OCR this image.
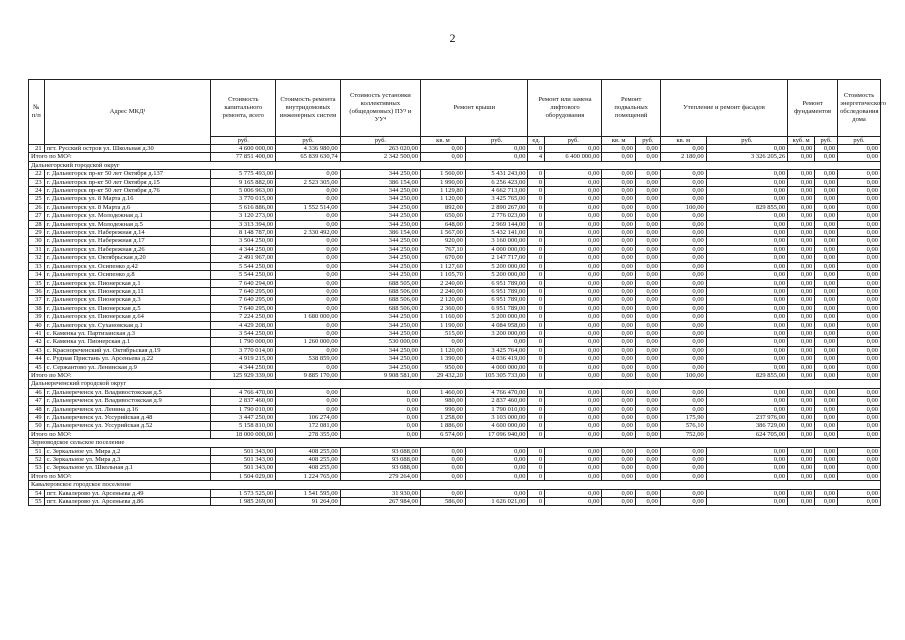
2
№ п/п	Адрес МКД¹	Стоимость капитального ремонта, всего	Стоимость ремонта внутридомовых инженерных систем	Стоимость установки коллективных (общедомовых) ПУ³ и УУ⁴	Ремонт крыши		Ремонт или замена лифтового оборудования		Ремонт подвальных помещений		Утепление и ремонт фасадов		Ремонт фундаментов		Стоимость энергетического обследования дома
		руб.	руб.	руб.	кв. м	руб.	ед.	руб.	кв. м	руб.	кв. м	руб.	куб. м	руб.	руб.
21	пгт. Русский остров ул. Школьная д.30	4 600 000,00	4 336 980,00	263 020,00	0,00	0,00	0	0,00	0,00	0,00	0,00	0,00	0,00	0,00	0,00
Итого по МО²:		77 851 400,00	65 839 630,74	2 342 500,00	0,00	0,00	4	6 400 000,00	0,00	0,00	2 180,00	3 326 205,26	0,00	0,00	0,00
Дальнегорский городской округ															
22	г. Дальнегорск пр-кт 50 лет Октября д.137	5 775 493,00	0,00	344 250,00	1 560,00	5 431 243,00	0	0,00	0,00	0,00	0,00	0,00	0,00	0,00	0,00
23	г. Дальнегорск пр-кт 50 лет Октября д.15	9 165 882,00	2 523 305,00	386 154,00	1 990,00	6 256 423,00	0	0,00	0,00	0,00	0,00	0,00	0,00	0,00	0,00
24	г. Дальнегорск пр-кт 50 лет Октября д.76	5 006 963,00	0,00	344 250,00	1 129,80	4 662 713,00	0	0,00	0,00	0,00	0,00	0,00	0,00	0,00	0,00
25	г. Дальнегорск ул. 8 Марта д.16	3 770 015,00	0,00	344 250,00	1 120,00	3 425 765,00	0	0,00	0,00	0,00	0,00	0,00	0,00	0,00	0,00
26	г. Дальнегорск ул. 8 Марта д.6	5 616 886,00	1 552 514,00	344 250,00	892,00	2 890 267,00	0	0,00	0,00	0,00	100,00	829 855,00	0,00	0,00	0,00
27	г. Дальнегорск ул. Молодежная д.1	3 120 273,00	0,00	344 250,00	650,00	2 776 023,00	0	0,00	0,00	0,00	0,00	0,00	0,00	0,00	0,00
28	г. Дальнегорск ул. Молодежная д.5	3 313 394,00	0,00	344 250,00	648,00	2 969 144,00	0	0,00	0,00	0,00	0,00	0,00	0,00	0,00	0,00
29	г. Дальнегорск ул. Набережная д.14	8 148 787,00	2 330 492,00	386 154,00	1 567,00	5 432 141,00	0	0,00	0,00	0,00	0,00	0,00	0,00	0,00	0,00
30	г. Дальнегорск ул. Набережная д.17	3 504 250,00	0,00	344 250,00	920,00	3 160 000,00	0	0,00	0,00	0,00	0,00	0,00	0,00	0,00	0,00
31	г. Дальнегорск ул. Набережная д.26	4 344 250,00	0,00	344 250,00	767,10	4 000 000,00	0	0,00	0,00	0,00	0,00	0,00	0,00	0,00	0,00
32	г. Дальнегорск ул. Октябрьская д.20	2 491 967,00	0,00	344 250,00	670,00	2 147 717,00	0	0,00	0,00	0,00	0,00	0,00	0,00	0,00	0,00
33	г. Дальнегорск ул. Осипенко д.42	5 544 250,00	0,00	344 250,00	1 127,60	5 200 000,00	0	0,00	0,00	0,00	0,00	0,00	0,00	0,00	0,00
34	г. Дальнегорск ул. Осипенко д.8	5 544 250,00	0,00	344 250,00	1 105,70	5 200 000,00	0	0,00	0,00	0,00	0,00	0,00	0,00	0,00	0,00
35	г. Дальнегорск ул. Пионерская д.1	7 640 294,00	0,00	688 505,00	2 240,00	6 951 789,00	0	0,00	0,00	0,00	0,00	0,00	0,00	0,00	0,00
36	г. Дальнегорск ул. Пионерская д.11	7 640 295,00	0,00	688 506,00	2 240,00	6 951 789,00	0	0,00	0,00	0,00	0,00	0,00	0,00	0,00	0,00
37	г. Дальнегорск ул. Пионерская д.3	7 640 295,00	0,00	688 506,00	2 120,00	6 951 789,00	0	0,00	0,00	0,00	0,00	0,00	0,00	0,00	0,00
38	г. Дальнегорск ул. Пионерская д.5	7 640 295,00	0,00	688 506,00	2 360,00	6 951 789,00	0	0,00	0,00	0,00	0,00	0,00	0,00	0,00	0,00
39	г. Дальнегорск ул. Пионерская д.64	7 224 250,00	1 680 000,00	344 250,00	1 160,00	5 200 000,00	0	0,00	0,00	0,00	0,00	0,00	0,00	0,00	0,00
40	г. Дальнегорск ул. Сухановская д.1	4 429 208,00	0,00	344 250,00	1 190,00	4 084 958,00	0	0,00	0,00	0,00	0,00	0,00	0,00	0,00	0,00
41	с. Каменка ул. Партизанская д.3	3 544 250,00	0,00	344 250,00	515,00	3 200 000,00	0	0,00	0,00	0,00	0,00	0,00	0,00	0,00	0,00
42	с. Каменка ул. Пионерская д.1	1 790 000,00	1 260 000,00	530 000,00	0,00	0,00	0	0,00	0,00	0,00	0,00	0,00	0,00	0,00	0,00
43	с. Краснореченский ул. Октябрьская д.19	3 770 014,00	0,00	344 250,00	1 120,00	3 425 764,00	0	0,00	0,00	0,00	0,00	0,00	0,00	0,00	0,00
44	с. Рудная Пристань ул. Арсеньева д.22	4 919 215,00	538 859,00	344 250,00	1 390,00	4 036 419,00	0	0,00	0,00	0,00	0,00	0,00	0,00	0,00	0,00
45	с. Сержантово ул. Ленинская д.9	4 344 250,00	0,00	344 250,00	950,00	4 000 000,00	0	0,00	0,00	0,00	0,00	0,00	0,00	0,00	0,00
Итого по МО²:		125 929 339,00	9 885 170,00	9 908 581,00	29 432,20	105 305 733,00	0	0,00	0,00	0,00	100,00	829 855,00	0,00	0,00	0,00
Дальнереченский городской округ															
46	г. Дальнереченск ул. Владивостокская д.5	4 766 470,00	0,00	0,00	1 460,00	4 766 470,00	0	0,00	0,00	0,00	0,00	0,00	0,00	0,00	0,00
47	г. Дальнереченск ул. Владивостокская д.9	2 837 460,00	0,00	0,00	980,00	2 837 460,00	0	0,00	0,00	0,00	0,00	0,00	0,00	0,00	0,00
48	г. Дальнереченск ул. Ленина д.16	1 790 010,00	0,00	0,00	990,00	1 790 010,00	0	0,00	0,00	0,00	0,00	0,00	0,00	0,00	0,00
49	г. Дальнереченск ул. Уссурийская д.48	3 447 250,00	106 274,00	0,00	1 258,00	3 103 000,00	0	0,00	0,00	0,00	175,90	237 976,00	0,00	0,00	0,00
50	г. Дальнереченск ул. Уссурийская д.52	5 158 810,00	172 081,00	0,00	1 886,00	4 600 000,00	0	0,00	0,00	0,00	576,10	386 729,00	0,00	0,00	0,00
Итого по МО²:		18 000 000,00	278 355,00	0,00	6 574,00	17 096 940,00	0	0,00	0,00	0,00	752,00	624 705,00	0,00	0,00	0,00
Зерноводское сельское поселение															
51	с. Зеркальное ул. Мира д.2	501 343,00	408 255,00	93 088,00	0,00	0,00	0	0,00	0,00	0,00	0,00	0,00	0,00	0,00	0,00
52	с. Зеркальное ул. Мира д.3	501 343,00	408 255,00	93 088,00	0,00	0,00	0	0,00	0,00	0,00	0,00	0,00	0,00	0,00	0,00
53	с. Зеркальное ул. Школьная д.1	501 343,00	408 255,00	93 088,00	0,00	0,00	0	0,00	0,00	0,00	0,00	0,00	0,00	0,00	0,00
Итого по МО²:		1 504 029,00	1 224 765,00	279 264,00	0,00	0,00	0	0,00	0,00	0,00	0,00	0,00	0,00	0,00	0,00
Кавалеровское городское поселение															
54	пгт. Кавалерово ул. Арсеньева д.49	1 573 525,00	1 541 595,00	31 930,00	0,00	0,00	0	0,00	0,00	0,00	0,00	0,00	0,00	0,00	0,00
55	пгт. Кавалерово ул. Арсеньева д.86	1 985 269,00	91 264,00	267 984,00	586,00	1 626 021,00	0	0,00	0,00	0,00	0,00	0,00	0,00	0,00	0,00
